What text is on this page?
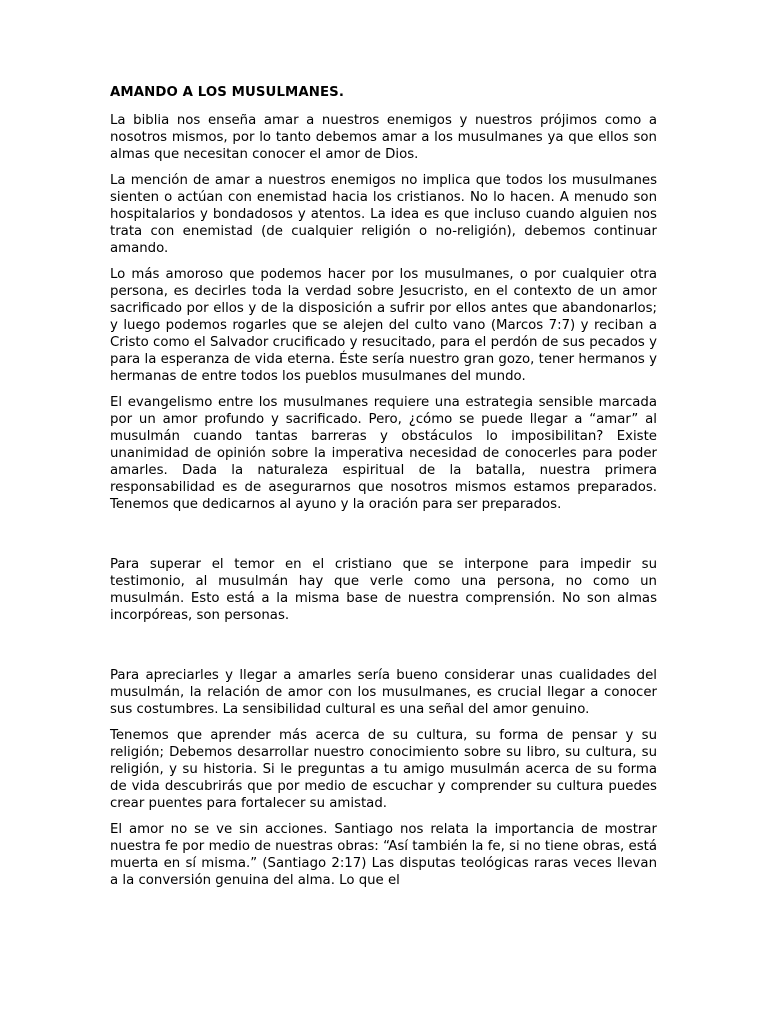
AMANDO A LOS MUSULMANES.

La biblia nos enseña amar a nuestros enemigos y nuestros prójimos como a nosotros mismos, por lo tanto debemos amar a los musulmanes ya que ellos son almas que necesitan conocer el amor de Dios.

La mención de amar a nuestros enemigos no implica que todos los musulmanes sienten o actúan con enemistad hacia los cristianos. No lo hacen. A menudo son hospitalarios y bondadosos y atentos. La idea es que incluso cuando alguien nos trata con enemistad (de cualquier religión o no-religión), debemos continuar amando.

Lo más amoroso que podemos hacer por los musulmanes, o por cualquier otra persona, es decirles toda la verdad sobre Jesucristo, en el contexto de un amor sacrificado por ellos y de la disposición a sufrir por ellos antes que abandonarlos; y luego podemos rogarles que se alejen del culto vano (Marcos 7:7) y reciban a Cristo como el Salvador crucificado y resucitado, para el perdón de sus pecados y para la esperanza de vida eterna. Éste sería nuestro gran gozo, tener hermanos y hermanas de entre todos los pueblos musulmanes del mundo.

El evangelismo entre los musulmanes requiere una estrategia sensible marcada por un amor profundo y sacrificado. Pero, ¿cómo se puede llegar a “amar” al musulmán cuando tantas barreras y obstáculos lo imposibilitan? Existe unanimidad de opinión sobre la imperativa necesidad de conocerles para poder amarles. Dada la naturaleza espiritual de la batalla, nuestra primera responsabilidad es de asegurarnos que nosotros mismos estamos preparados. Tenemos que dedicarnos al ayuno y la oración para ser preparados.

Para superar el temor en el cristiano que se interpone para impedir su testimonio, al musulmán hay que verle como una persona, no como un musulmán. Esto está a la misma base de nuestra comprensión. No son almas incorpóreas, son personas.

Para apreciarles y llegar a amarles sería bueno considerar unas cualidades del musulmán, la relación de amor con los musulmanes, es crucial llegar a conocer sus costumbres. La sensibilidad cultural es una señal del amor genuino.

Tenemos que aprender más acerca de su cultura, su forma de pensar y su religión; Debemos desarrollar nuestro conocimiento sobre su libro, su cultura, su religión, y su historia. Si le preguntas a tu amigo musulmán acerca de su forma de vida descubrirás que por medio de escuchar y comprender su cultura puedes crear puentes para fortalecer su amistad.

El amor no se ve sin acciones. Santiago nos relata la importancia de mostrar nuestra fe por medio de nuestras obras: “Así también la fe, si no tiene obras, está muerta en sí misma.” (Santiago 2:17) Las disputas teológicas raras veces llevan a la conversión genuina del alma. Lo que el
